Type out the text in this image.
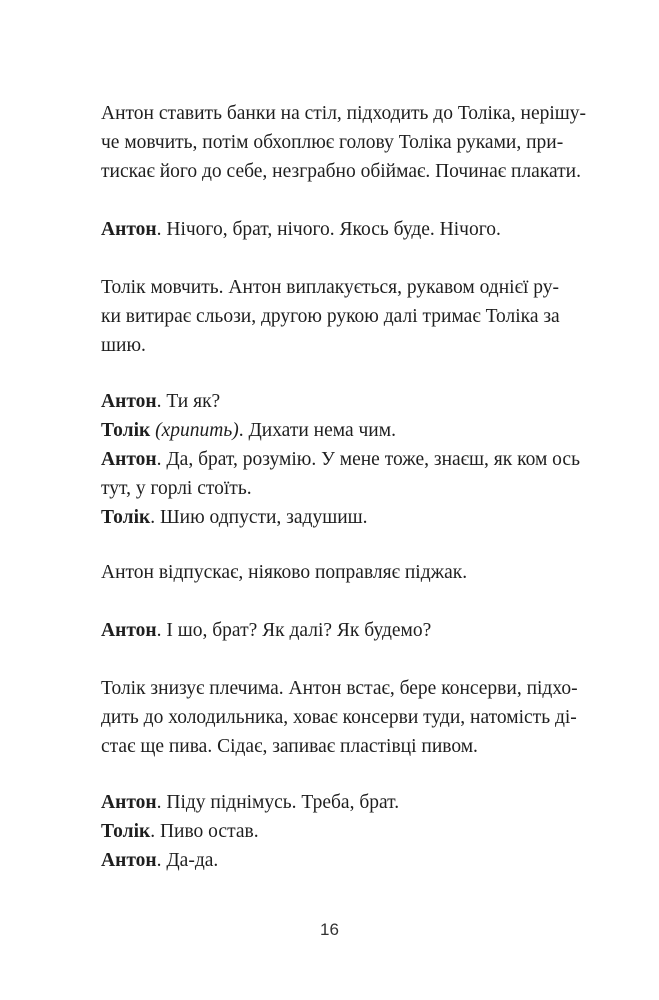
Антон ставить банки на стіл, підходить до Толіка, нерішу-
че мовчить, потім обхоплює голову Толіка руками, при-
тискає його до себе, незграбно обіймає. Починає плакати.
Антон. Нічого, брат, нічого. Якось буде. Нічого.
Толік мовчить. Антон виплакується, рукавом однієї ру-
ки витирає сльози, другою рукою далі тримає Толіка за
шию.
Антон. Ти як?
Толік (хрипить). Дихати нема чим.
Антон. Да, брат, розумію. У мене тоже, знаєш, як ком ось
тут, у горлі стоїть.
Толік. Шию одпусти, задушиш.
Антон відпускає, ніяково поправляє піджак.
Антон. І шо, брат? Як далі? Як будемо?
Толік знизує плечима. Антон встає, бере консерви, підхо-
дить до холодильника, ховає консерви туди, натомість ді-
стає ще пива. Сідає, запиває пластівці пивом.
Антон. Піду піднімусь. Треба, брат.
Толік. Пиво остав.
Антон. Да-да.
16
